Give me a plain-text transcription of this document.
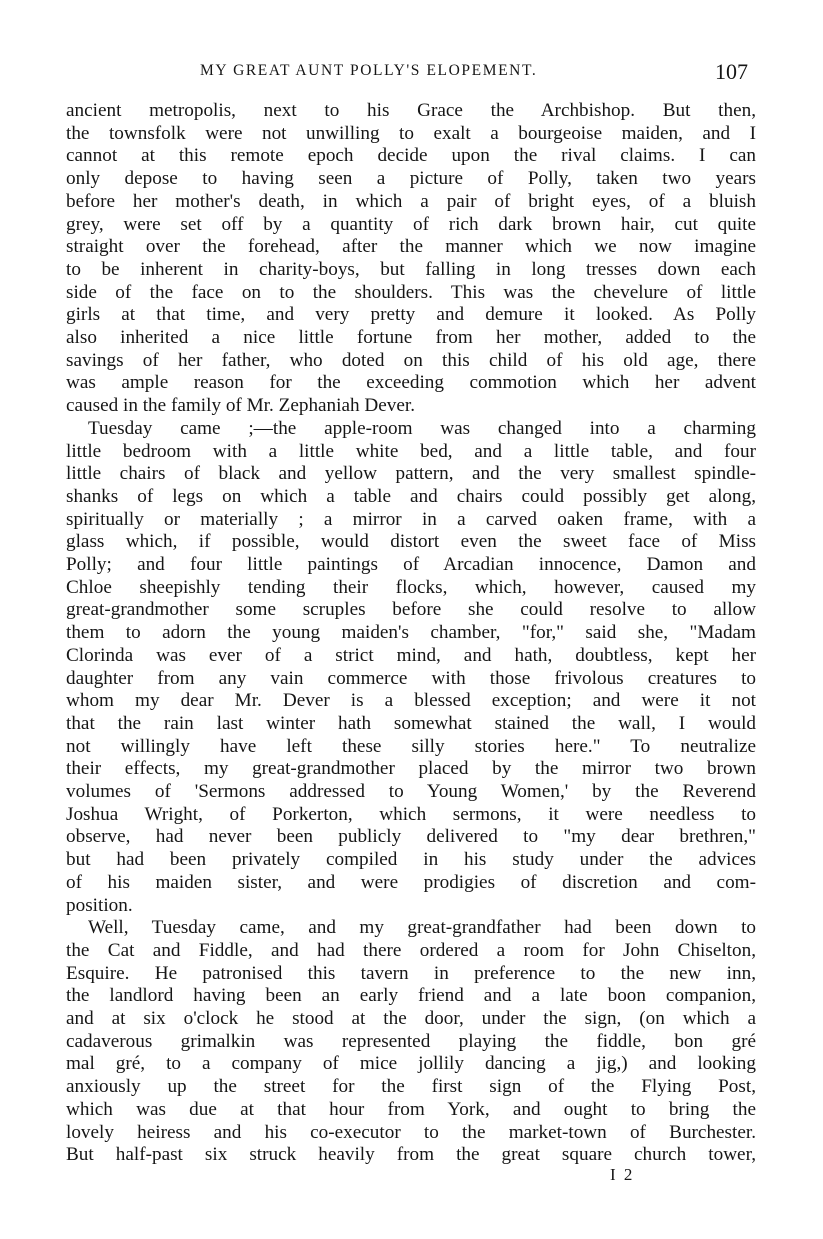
MY GREAT AUNT POLLY'S ELOPEMENT.	107
ancient metropolis, next to his Grace the Archbishop. But then,
the townsfolk were not unwilling to exalt a bourgeoise maiden, and I
cannot at this remote epoch decide upon the rival claims. I can
only depose to having seen a picture of Polly, taken two years
before her mother's death, in which a pair of bright eyes, of a bluish
grey, were set off by a quantity of rich dark brown hair, cut quite
straight over the forehead, after the manner which we now imagine
to be inherent in charity-boys, but falling in long tresses down each
side of the face on to the shoulders. This was the chevelure of little
girls at that time, and very pretty and demure it looked. As Polly
also inherited a nice little fortune from her mother, added to the
savings of her father, who doted on this child of his old age, there
was ample reason for the exceeding commotion which her advent
caused in the family of Mr. Zephaniah Dever.
Tuesday came ;—the apple-room was changed into a charming
little bedroom with a little white bed, and a little table, and four
little chairs of black and yellow pattern, and the very smallest spindle-
shanks of legs on which a table and chairs could possibly get along,
spiritually or materially ; a mirror in a carved oaken frame, with a
glass which, if possible, would distort even the sweet face of Miss
Polly; and four little paintings of Arcadian innocence, Damon and
Chloe sheepishly tending their flocks, which, however, caused my
great-grandmother some scruples before she could resolve to allow
them to adorn the young maiden's chamber, "for," said she, "Madam
Clorinda was ever of a strict mind, and hath, doubtless, kept her
daughter from any vain commerce with those frivolous creatures to
whom my dear Mr. Dever is a blessed exception; and were it not
that the rain last winter hath somewhat stained the wall, I would
not willingly have left these silly stories here." To neutralize
their effects, my great-grandmother placed by the mirror two brown
volumes of 'Sermons addressed to Young Women,' by the Reverend
Joshua Wright, of Porkerton, which sermons, it were needless to
observe, had never been publicly delivered to "my dear brethren,"
but had been privately compiled in his study under the advices
of his maiden sister, and were prodigies of discretion and com-
position.
Well, Tuesday came, and my great-grandfather had been down to
the Cat and Fiddle, and had there ordered a room for John Chiselton,
Esquire. He patronised this tavern in preference to the new inn,
the landlord having been an early friend and a late boon companion,
and at six o'clock he stood at the door, under the sign, (on which a
cadaverous grimalkin was represented playing the fiddle, bon gré
mal gré, to a company of mice jollily dancing a jig,) and looking
anxiously up the street for the first sign of the Flying Post,
which was due at that hour from York, and ought to bring the
lovely heiress and his co-executor to the market-town of Burchester.
But half-past six struck heavily from the great square church tower,
I 2
